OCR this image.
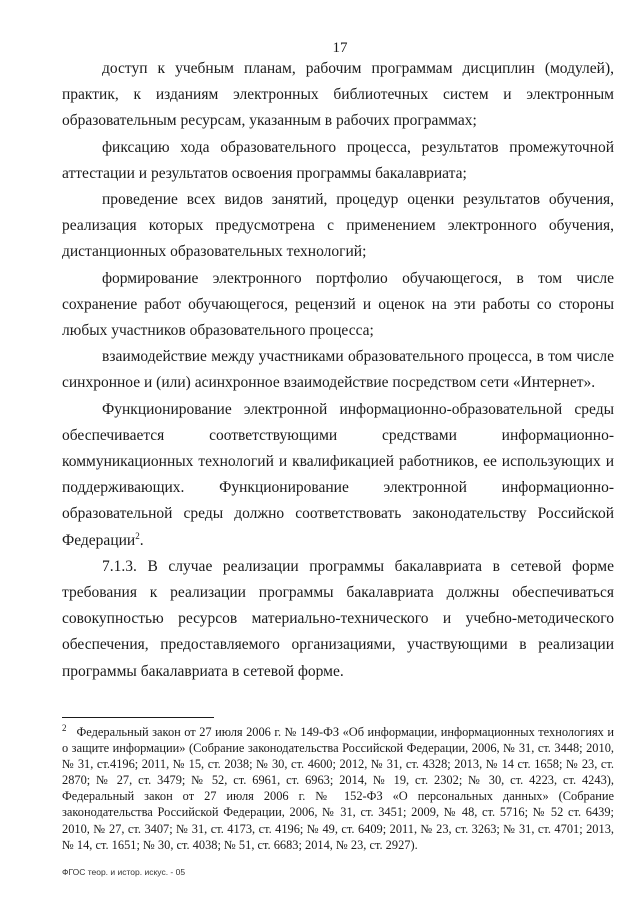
17

доступ к учебным планам, рабочим программам дисциплин (модулей), практик, к изданиям электронных библиотечных систем и электронным образовательным ресурсам, указанным в рабочих программах;

фиксацию хода образовательного процесса, результатов промежуточной аттестации и результатов освоения программы бакалавриата;

проведение всех видов занятий, процедур оценки результатов обучения, реализация которых предусмотрена с применением электронного обучения, дистанционных образовательных технологий;

формирование электронного портфолио обучающегося, в том числе сохранение работ обучающегося, рецензий и оценок на эти работы со стороны любых участников образовательного процесса;

взаимодействие между участниками образовательного процесса, в том числе синхронное и (или) асинхронное взаимодействие посредством сети «Интернет».

Функционирование электронной информационно-образовательной среды обеспечивается соответствующими средствами информационно-коммуникационных технологий и квалификацией работников, ее использующих и поддерживающих. Функционирование электронной информационно-образовательной среды должно соответствовать законодательству Российской Федерации$^2$.

7.1.3. В случае реализации программы бакалавриата в сетевой форме требования к реализации программы бакалавриата должны обеспечиваться совокупностью ресурсов материально-технического и учебно-методического обеспечения, предоставляемого организациями, участвующими в реализации программы бакалавриата в сетевой форме.

$^2$ Федеральный закон от 27 июля 2006 г. № 149-ФЗ «Об информации, информационных технологиях и о защите информации» (Собрание законодательства Российской Федерации, 2006, № 31, ст. 3448; 2010, № 31, ст.4196; 2011, № 15, ст. 2038; № 30, ст. 4600; 2012, № 31, ст. 4328; 2013, № 14 ст. 1658; № 23, ст. 2870; № 27, ст. 3479; № 52, ст. 6961, ст. 6963; 2014, № 19, ст. 2302; № 30, ст. 4223, ст. 4243), Федеральный закон от 27 июля 2006 г. № 152-ФЗ «О персональных данных» (Собрание законодательства Российской Федерации, 2006, № 31, ст. 3451; 2009, № 48, ст. 5716; № 52 ст. 6439; 2010, № 27, ст. 3407; № 31, ст. 4173, ст. 4196; № 49, ст. 6409; 2011, № 23, ст. 3263; № 31, ст. 4701; 2013, № 14, ст. 1651; № 30, ст. 4038; № 51, ст. 6683; 2014, № 23, ст. 2927).
ФГОС теор. и истор. искус. - 05
